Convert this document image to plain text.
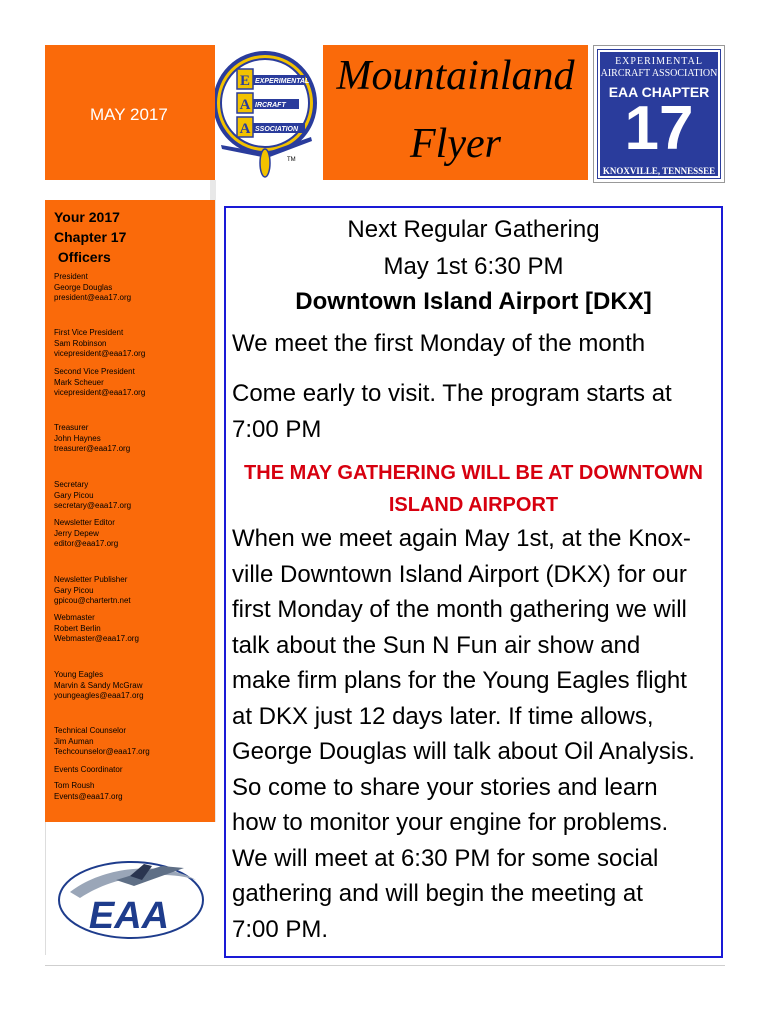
MAY 2017
E
A
A
EXPERIMENTAL
IRCRAFT
SSOCIATION
TM
Mountainland
Flyer
EXPERIMENTAL
AIRCRAFT ASSOCIATION
EAA CHAPTER
17
KNOXVILLE, TENNESSEE
Your 2017
Chapter 17
Officers
President
George Douglas
president@eaa17.org
First Vice President
Sam Robinson
vicepresident@eaa17.org
Second Vice President
Mark Scheuer
vicepresident@eaa17.org
Treasurer
John Haynes
treasurer@eaa17.org
Secretary
Gary Picou
secretary@eaa17.org
Newsletter Editor
Jerry Depew
editor@eaa17.org
Newsletter Publisher
Gary Picou
gpicou@chartertn.net
Webmaster
Robert Berlin
Webmaster@eaa17.org
Young Eagles
Marvin & Sandy McGraw
youngeagles@eaa17.org
Technical Counselor
Jim Auman
Techcounselor@eaa17.org
Events Coordinator
Tom Roush
Events@eaa17.org
EAA
Next Regular Gathering
May 1st 6:30 PM
Downtown Island Airport [DKX]
We meet the first Monday of the month
Come early to visit. The program starts at
7:00 PM
THE MAY GATHERING WILL BE AT DOWNTOWN
ISLAND AIRPORT
When we meet again May 1st, at the Knox-
ville Downtown Island Airport (DKX) for our
first Monday of the month gathering we will
talk about the Sun N Fun air show and
make firm plans for the Young Eagles flight
at DKX just 12 days later. If time allows,
George Douglas will talk about Oil Analysis.
So come to share your stories and learn
how to monitor your engine for problems.
We will meet at 6:30 PM for some social
gathering and will begin the meeting at
7:00 PM.
